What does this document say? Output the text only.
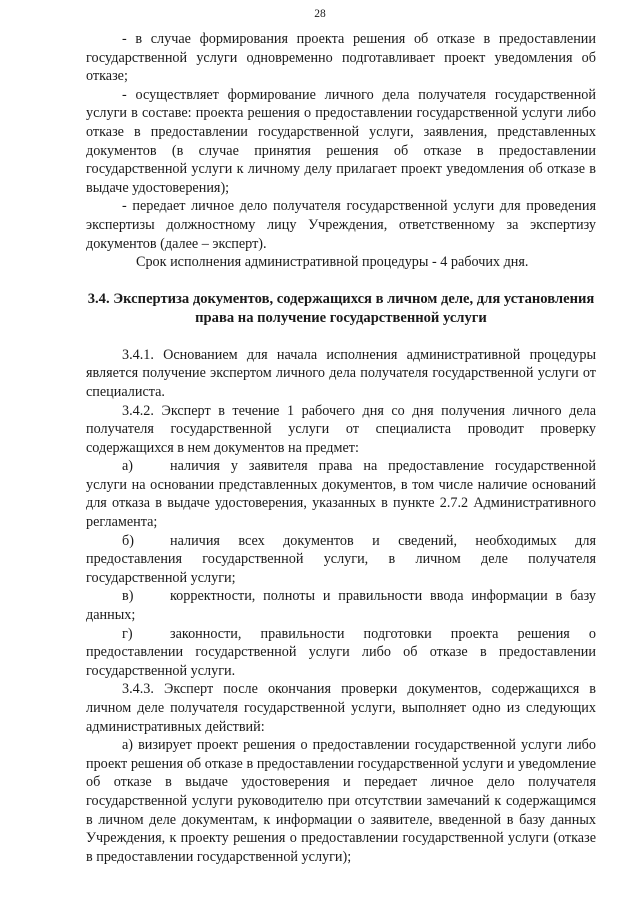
28

- в случае формирования проекта решения об отказе в предоставлении государственной услуги одновременно подготавливает проект уведомления об отказе;

- осуществляет формирование личного дела получателя государственной услуги в составе: проекта решения о предоставлении государственной услуги либо отказе в предоставлении государственной услуги, заявления, представленных документов (в случае принятия решения об отказе в предоставлении государственной услуги к личному делу прилагает проект уведомления об отказе в выдаче удостоверения);

- передает личное дело получателя государственной услуги для проведения экспертизы должностному лицу Учреждения, ответственному за экспертизу документов (далее – эксперт).

Срок исполнения административной процедуры - 4 рабочих дня.

3.4. Экспертиза документов, содержащихся в личном деле, для установления права на получение государственной услуги

3.4.1. Основанием для начала исполнения административной процедуры является получение экспертом личного дела получателя государственной услуги от специалиста.

3.4.2. Эксперт в течение 1 рабочего дня со дня получения личного дела получателя государственной услуги от специалиста проводит проверку содержащихся в нем документов на предмет:

а)	наличия у заявителя права на предоставление государственной услуги на основании представленных документов, в том числе наличие оснований для отказа в выдаче удостоверения, указанных в пункте 2.7.2 Административного регламента;

б)	наличия всех документов и сведений, необходимых для предоставления государственной услуги, в личном деле получателя государственной услуги;

в)	корректности, полноты и правильности ввода информации в базу данных;

г)	законности, правильности подготовки проекта решения о предоставлении государственной услуги либо об отказе в предоставлении государственной услуги.

3.4.3. Эксперт после окончания проверки документов, содержащихся в личном деле получателя государственной услуги, выполняет одно из следующих административных действий:

а) визирует проект решения о предоставлении государственной услуги либо проект решения об отказе в предоставлении государственной услуги и уведомление об отказе в выдаче удостоверения и передает личное дело получателя государственной услуги руководителю при отсутствии замечаний к содержащимся в личном деле документам, к информации о заявителе, введенной в базу данных Учреждения, к проекту решения о предоставлении государственной услуги (отказе в предоставлении государственной услуги);
